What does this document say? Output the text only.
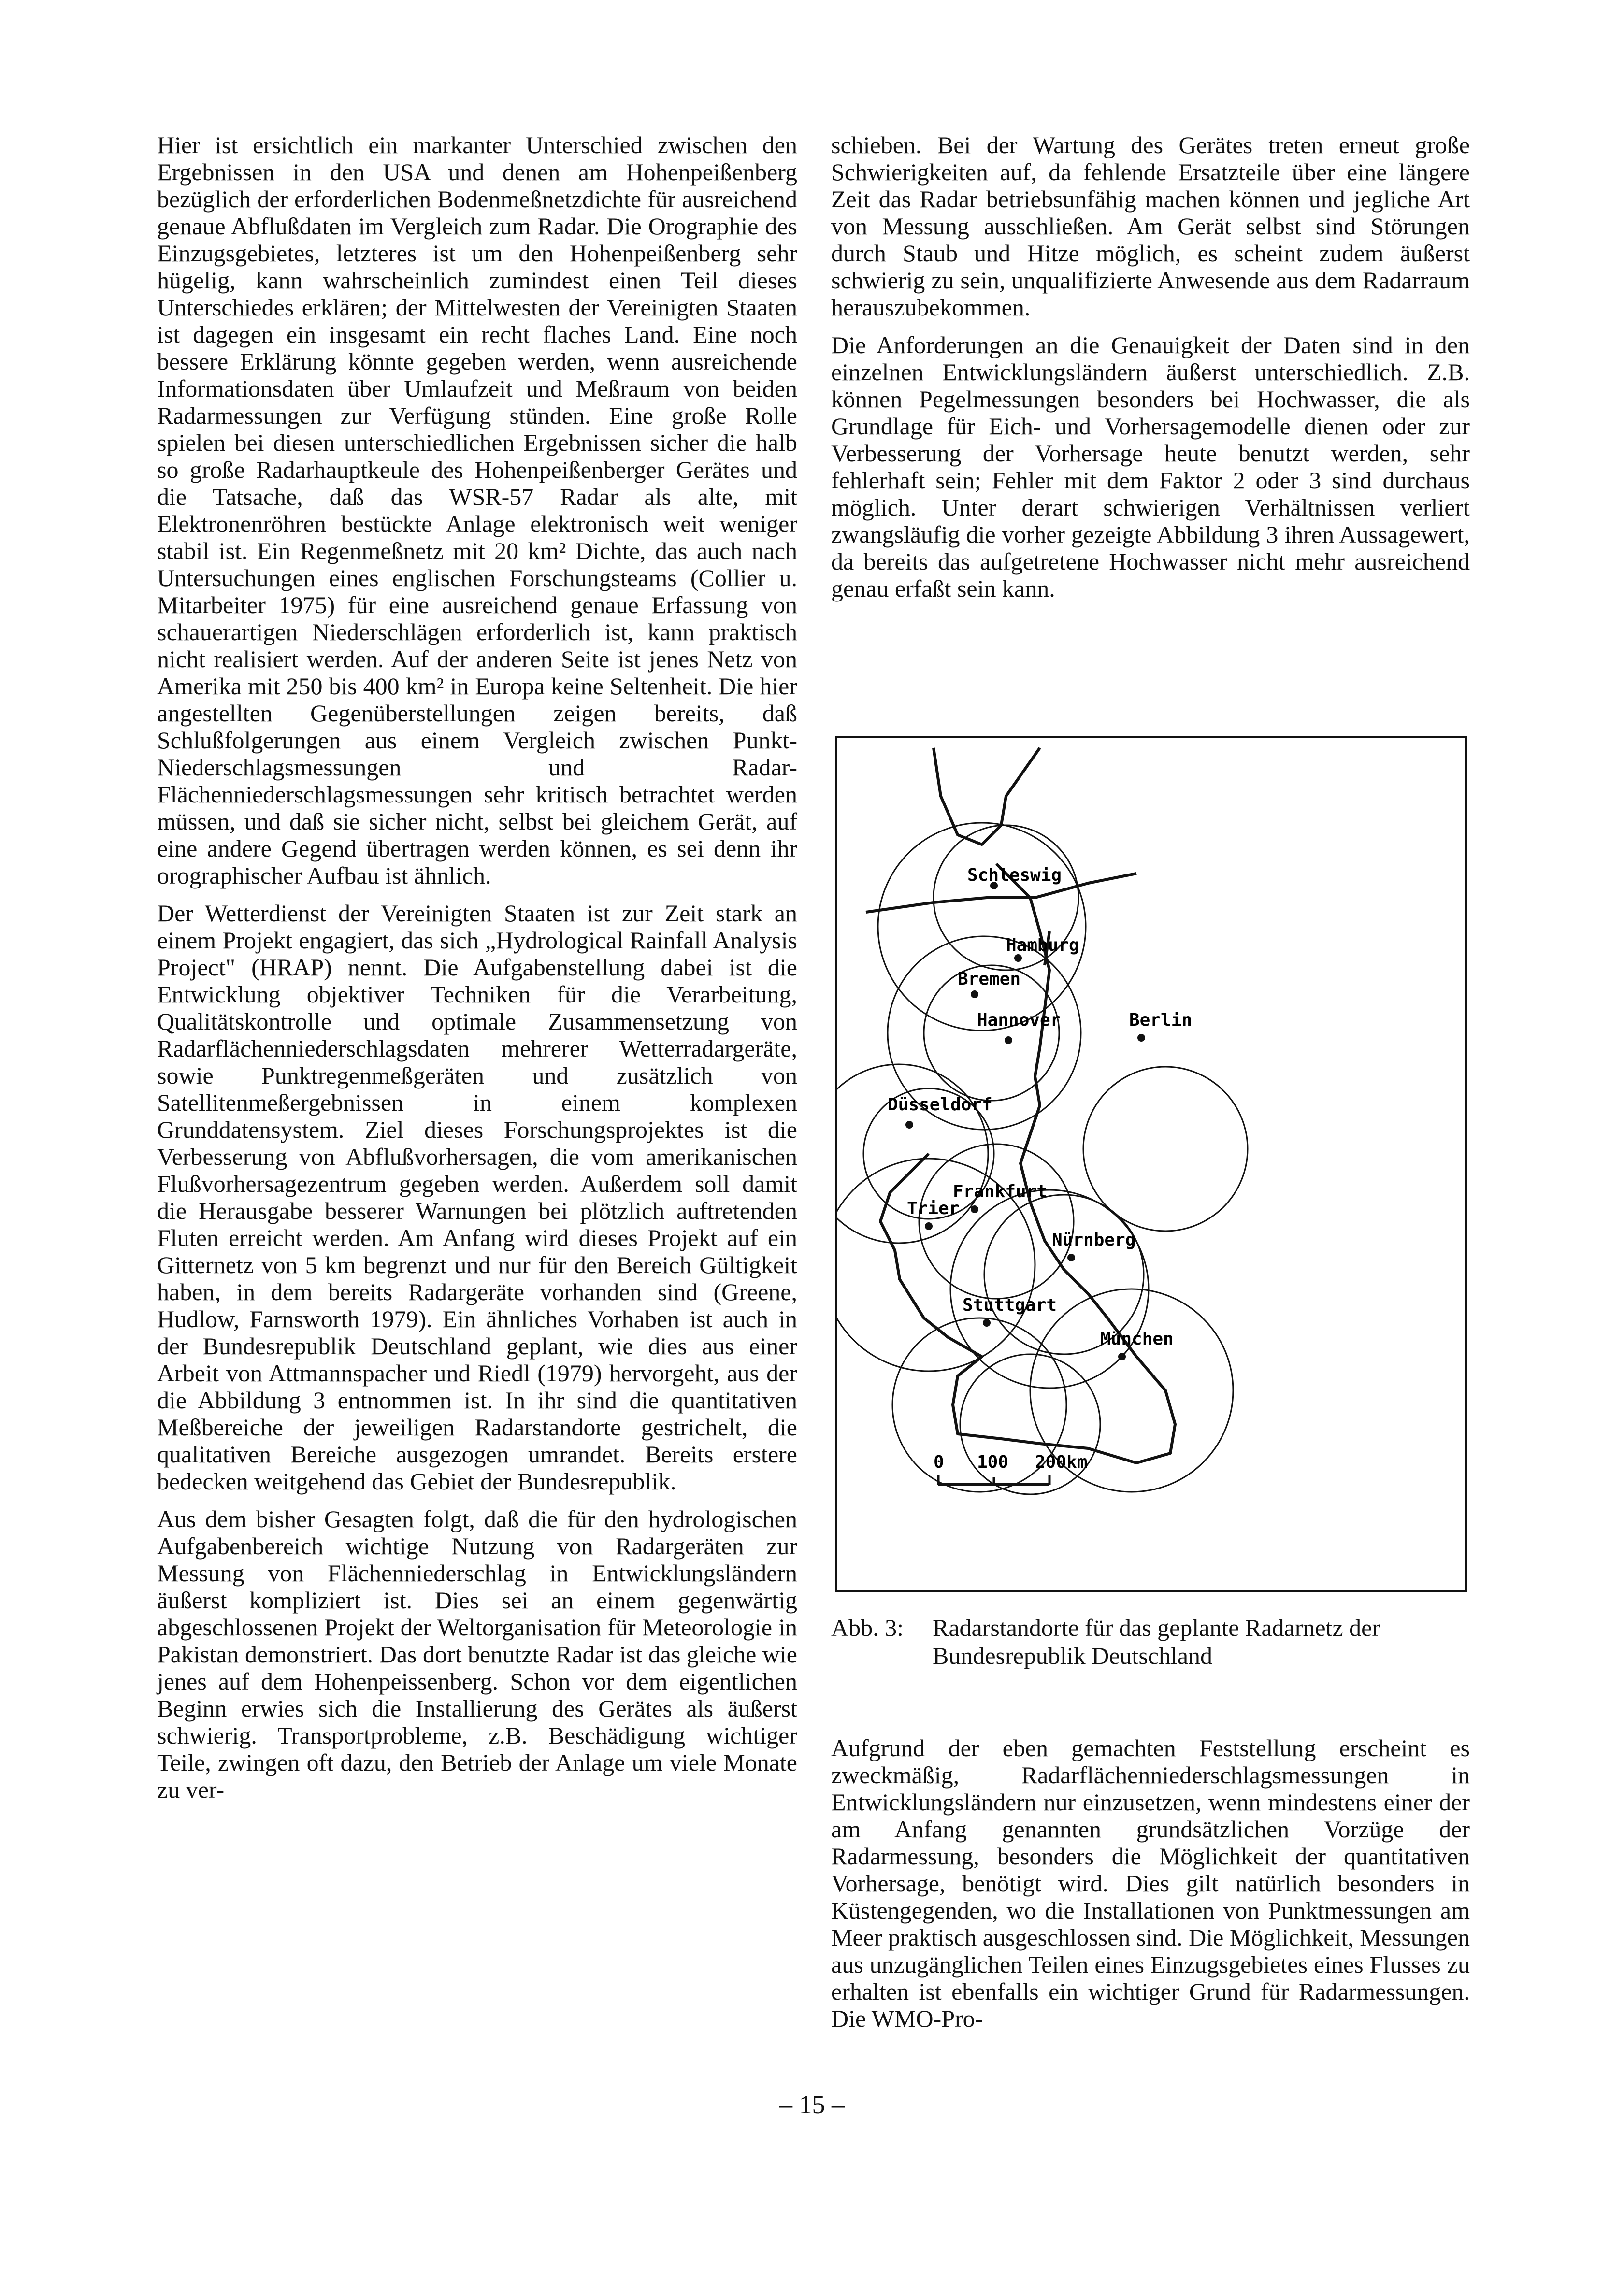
Hier ist ersichtlich ein markanter Unterschied zwischen den Ergebnissen in den USA und denen am Hohenpeißenberg bezüglich der erforderlichen Bodenmeßnetzdichte für ausreichend genaue Abflußdaten im Vergleich zum Radar. Die Orographie des Einzugsgebietes, letzteres ist um den Hohenpeißenberg sehr hügelig, kann wahrscheinlich zumindest einen Teil dieses Unterschiedes erklären; der Mittelwesten der Vereinigten Staaten ist dagegen ein insgesamt ein recht flaches Land. Eine noch bessere Erklärung könnte gegeben werden, wenn ausreichende Informationsdaten über Umlaufzeit und Meßraum von beiden Radarmessungen zur Verfügung stünden. Eine große Rolle spielen bei diesen unterschiedlichen Ergebnissen sicher die halb so große Radarhauptkeule des Hohenpeißenberger Gerätes und die Tatsache, daß das WSR-57 Radar als alte, mit Elektronenröhren bestückte Anlage elektronisch weit weniger stabil ist. Ein Regenmeßnetz mit 20 km² Dichte, das auch nach Untersuchungen eines englischen Forschungsteams (Collier u. Mitarbeiter 1975) für eine ausreichend genaue Erfassung von schauerartigen Niederschlägen erforderlich ist, kann praktisch nicht realisiert werden. Auf der anderen Seite ist jenes Netz von Amerika mit 250 bis 400 km² in Europa keine Seltenheit. Die hier angestellten Gegenüberstellungen zeigen bereits, daß Schlußfolgerungen aus einem Vergleich zwischen Punkt-Niederschlagsmessungen und Radar-Flächenniederschlagsmessungen sehr kritisch betrachtet werden müssen, und daß sie sicher nicht, selbst bei gleichem Gerät, auf eine andere Gegend übertragen werden können, es sei denn ihr orographischer Aufbau ist ähnlich.

Der Wetterdienst der Vereinigten Staaten ist zur Zeit stark an einem Projekt engagiert, das sich „Hydrological Rainfall Analysis Project" (HRAP) nennt. Die Aufgabenstellung dabei ist die Entwicklung objektiver Techniken für die Verarbeitung, Qualitätskontrolle und optimale Zusammensetzung von Radarflächenniederschlagsdaten mehrerer Wetterradargeräte, sowie Punktregenmeßgeräten und zusätzlich von Satellitenmeßergebnissen in einem komplexen Grunddatensystem. Ziel dieses Forschungsprojektes ist die Verbesserung von Abflußvorhersagen, die vom amerikanischen Flußvorhersagezentrum gegeben werden. Außerdem soll damit die Herausgabe besserer Warnungen bei plötzlich auftretenden Fluten erreicht werden. Am Anfang wird dieses Projekt auf ein Gitternetz von 5 km begrenzt und nur für den Bereich Gültigkeit haben, in dem bereits Radargeräte vorhanden sind (Greene, Hudlow, Farnsworth 1979). Ein ähnliches Vorhaben ist auch in der Bundesrepublik Deutschland geplant, wie dies aus einer Arbeit von Attmannspacher und Riedl (1979) hervorgeht, aus der die Abbildung 3 entnommen ist. In ihr sind die quantitativen Meßbereiche der jeweiligen Radarstandorte gestrichelt, die qualitativen Bereiche ausgezogen umrandet. Bereits erstere bedecken weitgehend das Gebiet der Bundesrepublik.

Aus dem bisher Gesagten folgt, daß die für den hydrologischen Aufgabenbereich wichtige Nutzung von Radargeräten zur Messung von Flächenniederschlag in Entwicklungsländern äußerst kompliziert ist. Dies sei an einem gegenwärtig abgeschlossenen Projekt der Weltorganisation für Meteorologie in Pakistan demonstriert. Das dort benutzte Radar ist das gleiche wie jenes auf dem Hohenpeissenberg. Schon vor dem eigentlichen Beginn erwies sich die Installierung des Gerätes als äußerst schwierig. Transportprobleme, z.B. Beschädigung wichtiger Teile, zwingen oft dazu, den Betrieb der Anlage um viele Monate zu ver-

schieben. Bei der Wartung des Gerätes treten erneut große Schwierigkeiten auf, da fehlende Ersatzteile über eine längere Zeit das Radar betriebsunfähig machen können und jegliche Art von Messung ausschließen. Am Gerät selbst sind Störungen durch Staub und Hitze möglich, es scheint zudem äußerst schwierig zu sein, unqualifizierte Anwesende aus dem Radarraum herauszubekommen.

Die Anforderungen an die Genauigkeit der Daten sind in den einzelnen Entwicklungsländern äußerst unterschiedlich. Z.B. können Pegelmessungen besonders bei Hochwasser, die als Grundlage für Eich- und Vorhersagemodelle dienen oder zur Verbesserung der Vorhersage heute benutzt werden, sehr fehlerhaft sein; Fehler mit dem Faktor 2 oder 3 sind durchaus möglich. Unter derart schwierigen Verhältnissen verliert zwangsläufig die vorher gezeigte Abbildung 3 ihren Aussagewert, da bereits das aufgetretene Hochwasser nicht mehr ausreichend genau erfaßt sein kann.

Schleswig
Hamburg
Bremen
Hannover	Berlin
Düsseldorf
Frankfurt
Trier
Nürnberg
Stuttgart
München
0 100 200km
Abb. 3: Radarstandorte für das geplante Radarnetz der Bundesrepublik Deutschland

Aufgrund der eben gemachten Feststellung erscheint es zweckmäßig, Radarflächenniederschlagsmessungen in Entwicklungsländern nur einzusetzen, wenn mindestens einer der am Anfang genannten grundsätzlichen Vorzüge der Radarmessung, besonders die Möglichkeit der quantitativen Vorhersage, benötigt wird. Dies gilt natürlich besonders in Küstengegenden, wo die Installationen von Punktmessungen am Meer praktisch ausgeschlossen sind. Die Möglichkeit, Messungen aus unzugänglichen Teilen eines Einzugsgebietes eines Flusses zu erhalten ist ebenfalls ein wichtiger Grund für Radarmessungen. Die WMO-Pro-

– 15 –
